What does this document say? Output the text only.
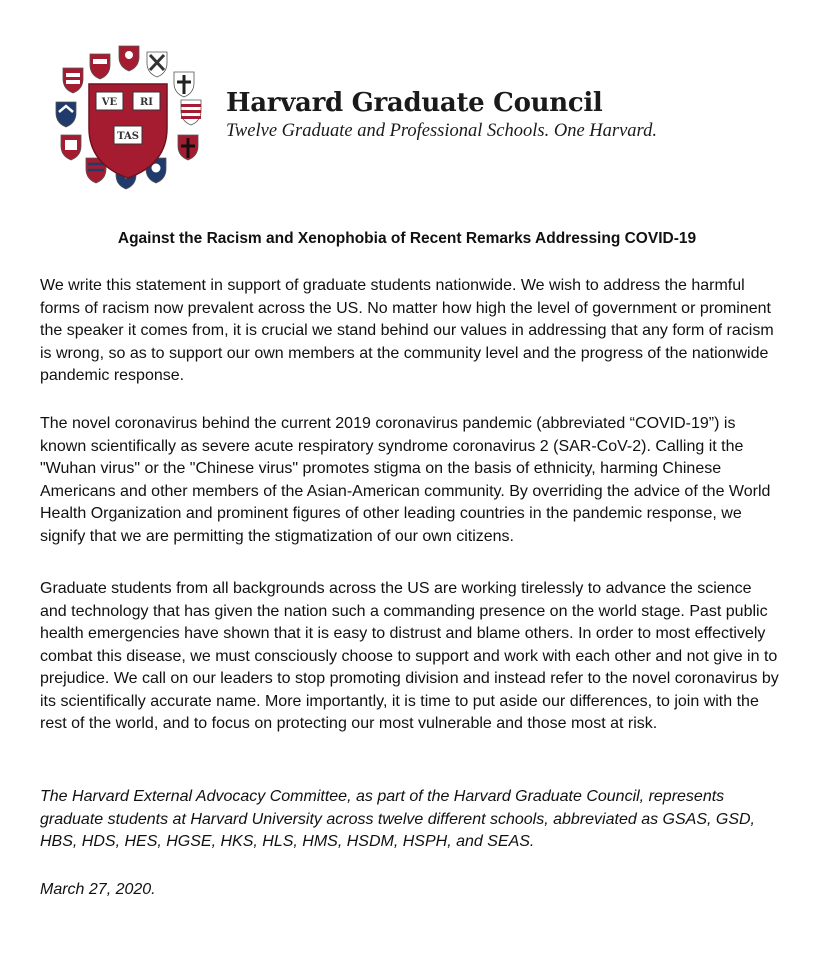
VE RI
TAS
Harvard Graduate Council
Twelve Graduate and Professional Schools. One Harvard.
Against the Racism and Xenophobia of Recent Remarks Addressing COVID-19
We write this statement in support of graduate students nationwide. We wish to address the harmful forms of racism now prevalent across the US. No matter how high the level of government or prominent the speaker it comes from, it is crucial we stand behind our values in addressing that any form of racism is wrong, so as to support our own members at the community level and the progress of the nationwide pandemic response.
The novel coronavirus behind the current 2019 coronavirus pandemic (abbreviated “COVID-19”) is known scientifically as severe acute respiratory syndrome coronavirus 2 (SAR-CoV-2). Calling it the "Wuhan virus" or the "Chinese virus" promotes stigma on the basis of ethnicity, harming Chinese Americans and other members of the Asian-American community. By overriding the advice of the World Health Organization and prominent figures of other leading countries in the pandemic response, we signify that we are permitting the stigmatization of our own citizens.
Graduate students from all backgrounds across the US are working tirelessly to advance the science and technology that has given the nation such a commanding presence on the world stage. Past public health emergencies have shown that it is easy to distrust and blame others. In order to most effectively combat this disease, we must consciously choose to support and work with each other and not give in to prejudice. We call on our leaders to stop promoting division and instead refer to the novel coronavirus by its scientifically accurate name. More importantly, it is time to put aside our differences, to join with the rest of the world, and to focus on protecting our most vulnerable and those most at risk.
The Harvard External Advocacy Committee, as part of the Harvard Graduate Council, represents graduate students at Harvard University across twelve different schools, abbreviated as GSAS, GSD, HBS, HDS, HES, HGSE, HKS, HLS, HMS, HSDM, HSPH, and SEAS.
March 27, 2020.
